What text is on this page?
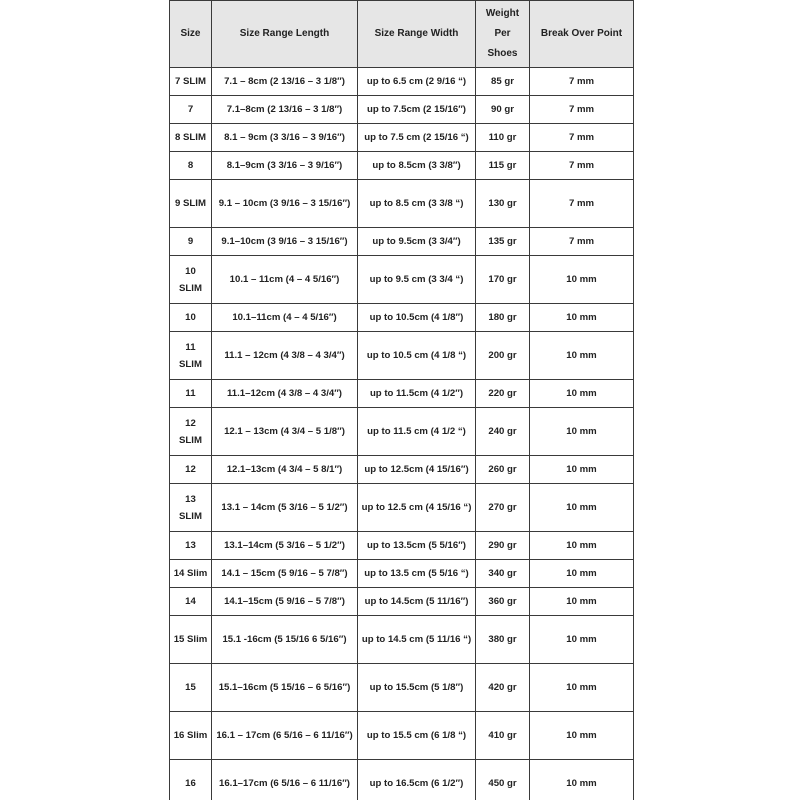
Size	Size Range Length	Size Range Width	Weight Per Shoes	Break Over Point
7 SLIM	7.1 – 8cm (2 13/16 – 3 1/8″)	up to 6.5 cm (2 9/16 “)	85 gr	7 mm
7	7.1–8cm (2 13/16 – 3 1/8″)	up to 7.5cm (2 15/16″)	90 gr	7 mm
8 SLIM	8.1 – 9cm (3 3/16 – 3 9/16″)	up to 7.5 cm (2 15/16 “)	110 gr	7 mm
8	8.1–9cm (3 3/16 – 3 9/16″)	up to 8.5cm (3 3/8″)	115 gr	7 mm
9 SLIM	9.1 – 10cm (3 9/16 – 3 15/16″)	up to 8.5 cm (3 3/8 “)	130 gr	7 mm
9	9.1–10cm (3 9/16 – 3 15/16″)	up to 9.5cm (3 3/4″)	135 gr	7 mm
10 SLIM	10.1 – 11cm (4 – 4 5/16″)	up to 9.5 cm (3 3/4 “)	170 gr	10 mm
10	10.1–11cm (4 – 4 5/16″)	up to 10.5cm (4 1/8″)	180 gr	10 mm
11 SLIM	11.1 – 12cm (4 3/8 – 4 3/4″)	up to 10.5 cm (4 1/8 “)	200 gr	10 mm
11	11.1–12cm (4 3/8 – 4 3/4″)	up to 11.5cm (4 1/2″)	220 gr	10 mm
12 SLIM	12.1 – 13cm (4 3/4 – 5 1/8″)	up to 11.5 cm (4 1/2 “)	240 gr	10 mm
12	12.1–13cm (4 3/4 – 5 8/1″)	up to 12.5cm (4 15/16″)	260 gr	10 mm
13 SLIM	13.1 – 14cm (5 3/16 – 5 1/2″)	up to 12.5 cm (4 15/16 “)	270 gr	10 mm
13	13.1–14cm (5 3/16 – 5 1/2″)	up to 13.5cm (5 5/16″)	290 gr	10 mm
14 Slim	14.1 – 15cm (5 9/16 – 5 7/8″)	up to 13.5 cm (5 5/16 “)	340 gr	10 mm
14	14.1–15cm (5 9/16 – 5 7/8″)	up to 14.5cm (5 11/16″)	360 gr	10 mm
15 Slim	15.1 -16cm (5 15/16 6 5/16″)	up to 14.5 cm (5 11/16 “)	380 gr	10 mm
15	15.1–16cm (5 15/16 – 6 5/16″)	up to 15.5cm (5 1/8″)	420 gr	10 mm
16 Slim	16.1 – 17cm (6 5/16 – 6 11/16″)	up to 15.5 cm (6 1/8 “)	410 gr	10 mm
16	16.1–17cm (6 5/16 – 6 11/16″)	up to 16.5cm (6 1/2″)	450 gr	10 mm
